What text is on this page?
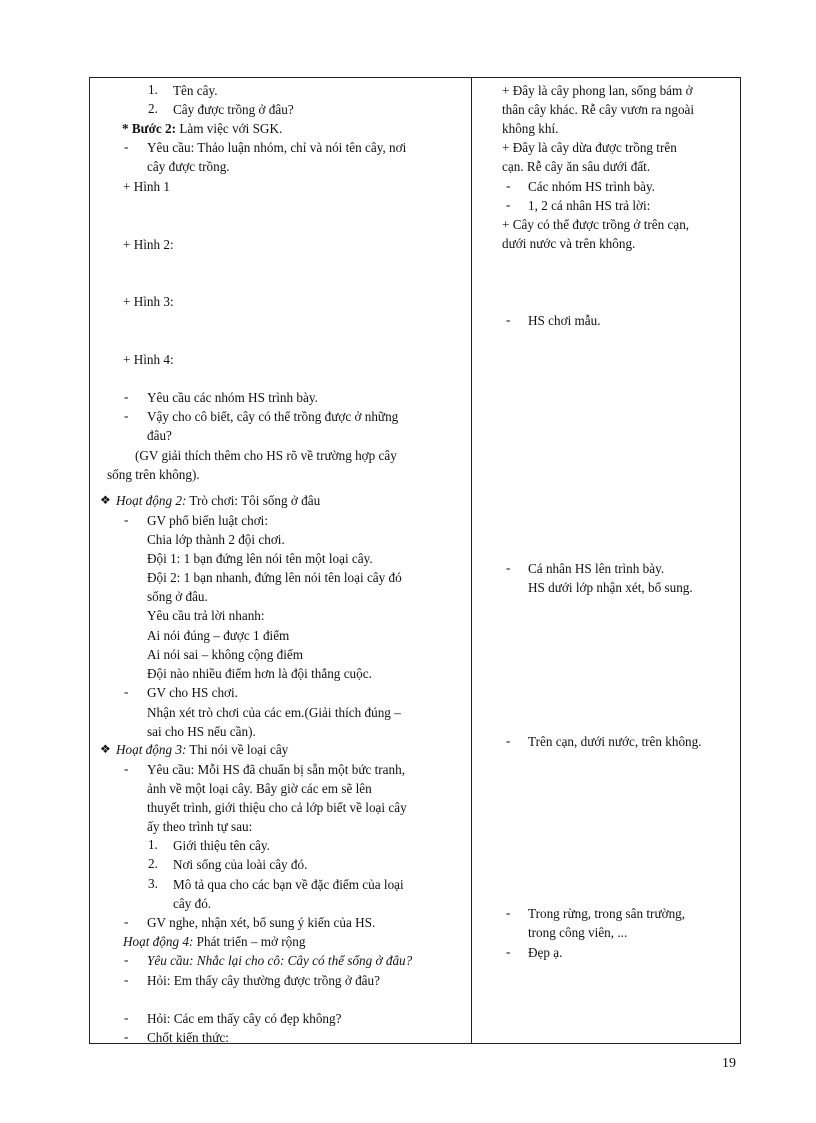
1. Tên cây.
2. Cây được trồng ở đâu?
* Bước 2: Làm việc với SGK.
- Yêu cầu: Thảo luận nhóm, chỉ và nói tên cây, nơi
cây được trồng.
+ Hình 1
+ Hình 2:
+ Hình 3:
+ Hình 4:
- Yêu cầu các nhóm HS trình bày.
- Vậy cho cô biết, cây có thể trồng được ở những
đâu?
(GV giải thích thêm cho HS rõ về trường hợp cây
sống trên không).
❖ Hoạt động 2: Trò chơi: Tôi sống ở đâu
- GV phổ biến luật chơi:
Chia lớp thành 2 đội chơi.
Đội 1: 1 bạn đứng lên nói tên một loại cây.
Đội 2: 1 bạn nhanh, đứng lên nói tên loại cây đó
sống ở đâu.
Yêu cầu trả lời nhanh:
Ai nói đúng – được 1 điểm
Ai nói sai – không cộng điểm
Đội nào nhiều điểm hơn là đội thắng cuộc.
- GV cho HS chơi.
Nhận xét trò chơi của các em.(Giải thích đúng –
sai cho HS nếu cần).
❖ Hoạt động 3: Thi nói về loại cây
- Yêu cầu: Mỗi HS đã chuẩn bị sẵn một bức tranh,
ảnh về một loại cây. Bây giờ các em sẽ lên
thuyết trình, giới thiệu cho cả lớp biết về loại cây
ấy theo trình tự sau:
1. Giới thiệu tên cây.
2. Nơi sống của loài cây đó.
3. Mô tả qua cho các bạn về đặc điểm của loại
cây đó.
- GV nghe, nhận xét, bổ sung ý kiến của HS.
Hoạt động 4: Phát triển – mở rộng
- Yêu cầu: Nhắc lại cho cô: Cây có thể sống ở đâu?
- Hỏi: Em thấy cây thường được trồng ở đâu?
- Hỏi: Các em thấy cây có đẹp không?
- Chốt kiến thức:
+ Đây là cây phong lan, sống bám ở
thân cây khác. Rễ cây vươn ra ngoài
không khí.
+ Đây là cây dừa được trồng trên
cạn. Rễ cây ăn sâu dưới đất.
- Các nhóm HS trình bày.
- 1, 2 cá nhân HS trả lời:
+ Cây có thể được trồng ở trên cạn,
dưới nước và trên không.
- HS chơi mẫu.
- Cá nhân HS lên trình bày.
HS dưới lớp nhận xét, bổ sung.
- Trên cạn, dưới nước, trên không.
- Trong rừng, trong sân trường,
trong công viên, ...
- Đẹp ạ.
19
